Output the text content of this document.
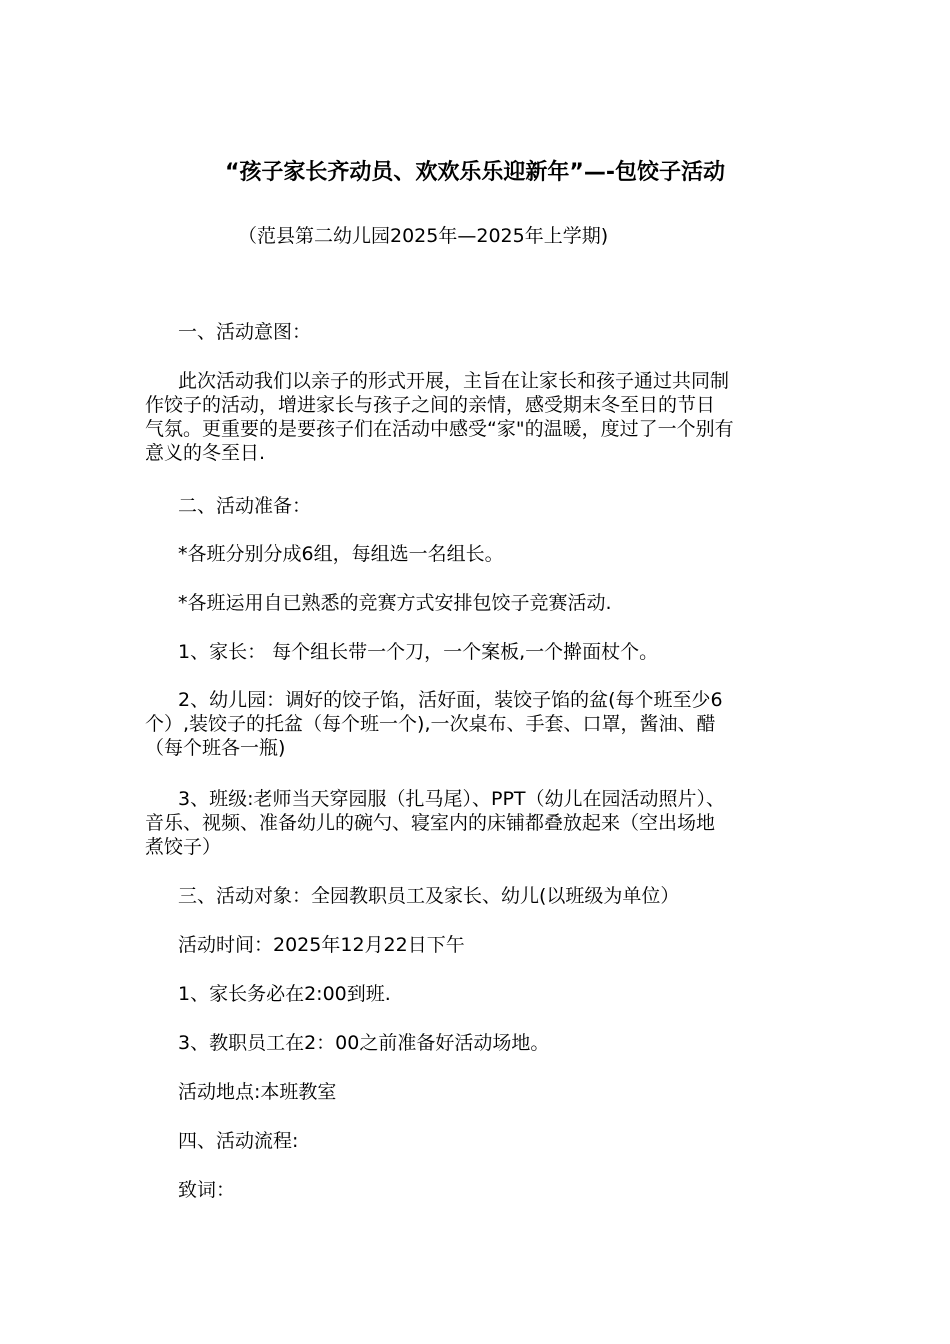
“孩子家长齐动员、欢欢乐乐迎新年”—-包饺子活动
（范县第二幼儿园2025年—2025年上学期)
一、活动意图：
此次活动我们以亲子的形式开展，主旨在让家长和孩子通过共同制
作饺子的活动，增进家长与孩子之间的亲情，感受期末冬至日的节日
气氛。更重要的是要孩子们在活动中感受“家"的温暖，度过了一个别有
意义的冬至日.
二、活动准备：
*各班分别分成6组，每组选一名组长。
*各班运用自已熟悉的竞赛方式安排包饺子竞赛活动.
1、家长： 每个组长带一个刀，一个案板,一个擀面杖个。
2、幼儿园：调好的饺子馅，活好面，装饺子馅的盆(每个班至少6
个）,装饺子的托盆（每个班一个),一次桌布、手套、口罩，酱油、醋
（每个班各一瓶)
3、班级:老师当天穿园服（扎马尾）、PPT（幼儿在园活动照片）、
音乐、视频、准备幼儿的碗勺、寝室内的床铺都叠放起来（空出场地
煮饺子）
三、活动对象：全园教职员工及家长、幼儿(以班级为单位）
活动时间：2025年12月22日下午
1、家长务必在2:00到班.
3、教职员工在2：00之前准备好活动场地。
活动地点:本班教室
四、活动流程:
致词：
